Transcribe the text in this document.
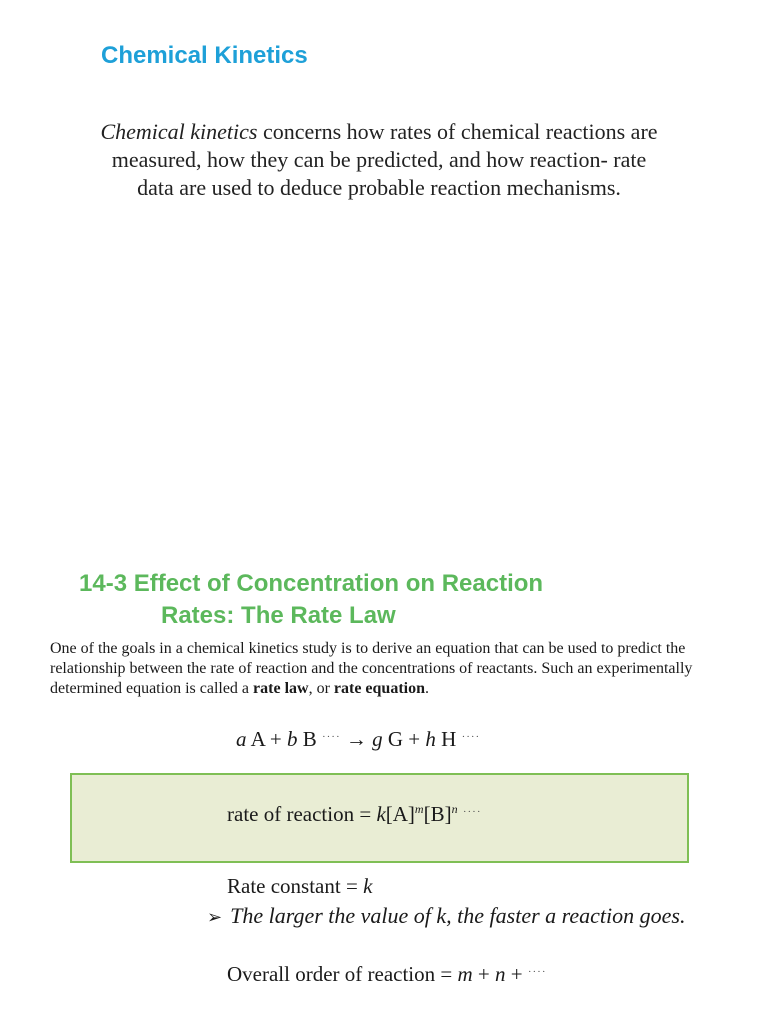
Chemical Kinetics
Chemical kinetics concerns how rates of chemical reactions are measured, how they can be predicted, and how reaction- rate data are used to deduce probable reaction mechanisms.
14-3 Effect of Concentration on Reaction
Rates: The Rate Law
One of the goals in a chemical kinetics study is to derive an equation that can be used to predict the relationship between the rate of reaction and the concentrations of reactants. Such an experimentally determined equation is called a rate law, or rate equation.
a A + b B ···· → g G + h H ····
rate of reaction = $k[A]^m[B]^n$ ····
Rate constant = k
➢ The larger the value of k, the faster a reaction goes.
Overall order of reaction = m + n + ····
